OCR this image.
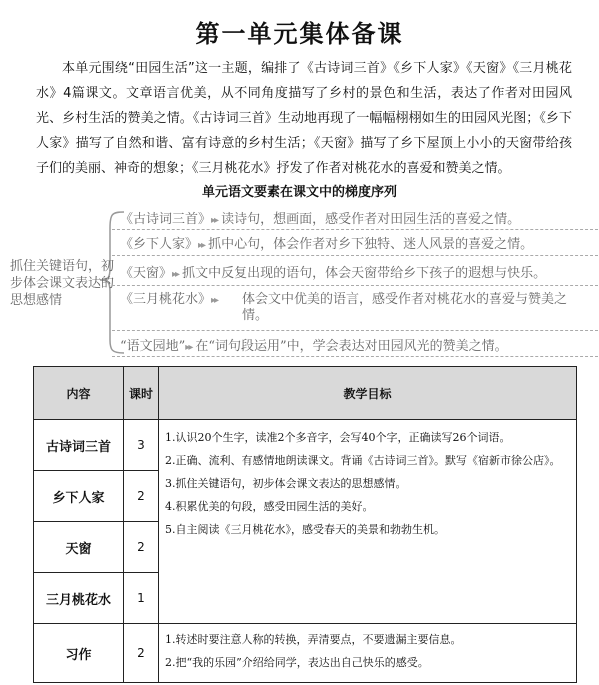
第一单元集体备课

本单元围绕“田园生活”这一主题，编排了《古诗词三首》《乡下人家》《天窗》《三月桃花水》4篇课文。文章语言优美，从不同角度描写了乡村的景色和生活，表达了作者对田园风光、乡村生活的赞美之情。《古诗词三首》生动地再现了一幅幅栩栩如生的田园风光图；《乡下人家》描写了自然和谐、富有诗意的乡村生活；《天窗》描写了乡下屋顶上小小的天窗带给孩子们的美丽、神奇的想象；《三月桃花水》抒发了作者对桃花水的喜爱和赞美之情。

单元语文要素在课文中的梯度序列

抓住关键语句，初步体会课文表达的思想感情
《古诗词三首》▸▸ 读诗句，想画面，感受作者对田园生活的喜爱之情。
《乡下人家》▸▸ 抓中心句，体会作者对乡下独特、迷人风景的喜爱之情。
《天窗》▸▸ 抓文中反复出现的语句，体会天窗带给乡下孩子的遐想与快乐。
《三月桃花水》 ▸▸ 体会文中优美的语言，感受作者对桃花水的喜爱与赞美之情。
“语文园地”▸▸ 在“词句段运用”中，学会表达对田园风光的赞美之情。
内容	课时	教学目标
古诗词三首	3	1.认识20个生字，读准2个多音字，会写40个字，正确读写26个词语。
2.正确、流利、有感情地朗读课文。背诵《古诗词三首》。默写《宿新市徐公店》。
3.抓住关键语句，初步体会课文表达的思想感情。
4.积累优美的句段，感受田园生活的美好。
5.自主阅读《三月桃花水》，感受春天的美景和勃勃生机。

乡下人家	2	
天窗	2	
三月桃花水	1	
习作	2	1.转述时要注意人称的转换，弄清要点，不要遗漏主要信息。
2.把“我的乐园”介绍给同学，表达出自己快乐的感受。
